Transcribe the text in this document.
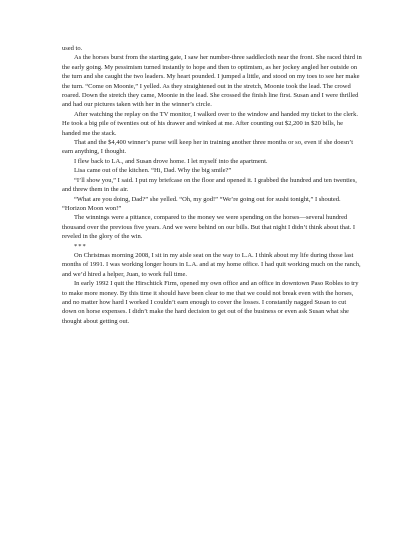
used to.

As the horses burst from the starting gate, I saw her number-three saddlecloth near the front. She raced third in the early going. My pessimism turned instantly to hope and then to optimism, as her jockey angled her outside on the turn and she caught the two leaders. My heart pounded. I jumped a little, and stood on my toes to see her make the turn. “Come on Moonie,” I yelled. As they straightened out in the stretch, Moonie took the lead. The crowd roared. Down the stretch they came, Moonie in the lead. She crossed the finish line first. Susan and I were thrilled and had our pictures taken with her in the winner’s circle.

After watching the replay on the TV monitor, I walked over to the window and handed my ticket to the clerk. He took a big pile of twenties out of his drawer and winked at me. After counting out $2,200 in $20 bills, he handed me the stack.

That and the $4,400 winner’s purse will keep her in training another three months or so, even if she doesn’t earn anything, I thought.

I flew back to LA., and Susan drove home. I let myself into the apartment.

Lisa came out of the kitchen. “Hi, Dad. Why the big smile?”

“I’ll show you,” I said. I put my briefcase on the floor and opened it. I grabbed the hundred and ten twenties, and threw them in the air.

“What are you doing, Dad?” she yelled. “Oh, my god!” “We’re going out for sushi tonight,” I shouted. “Horizon Moon won!”

The winnings were a pittance, compared to the money we were spending on the horses—several hundred thousand over the previous five years. And we were behind on our bills. But that night I didn’t think about that. I reveled in the glory of the win.

***

On Christmas morning 2008, I sit in my aisle seat on the way to L.A. I think about my life during those last months of 1991. I was working longer hours in L.A. and at my home office. I had quit working much on the ranch, and we’d hired a helper, Juan, to work full time.

In early 1992 I quit the Hirschtick Firm, opened my own office and an office in downtown Paso Robles to try to make more money. By this time it should have been clear to me that we could not break even with the horses, and no matter how hard I worked I couldn’t earn enough to cover the losses. I constantly nagged Susan to cut down on horse expenses. I didn’t make the hard decision to get out of the business or even ask Susan what she thought about getting out.
